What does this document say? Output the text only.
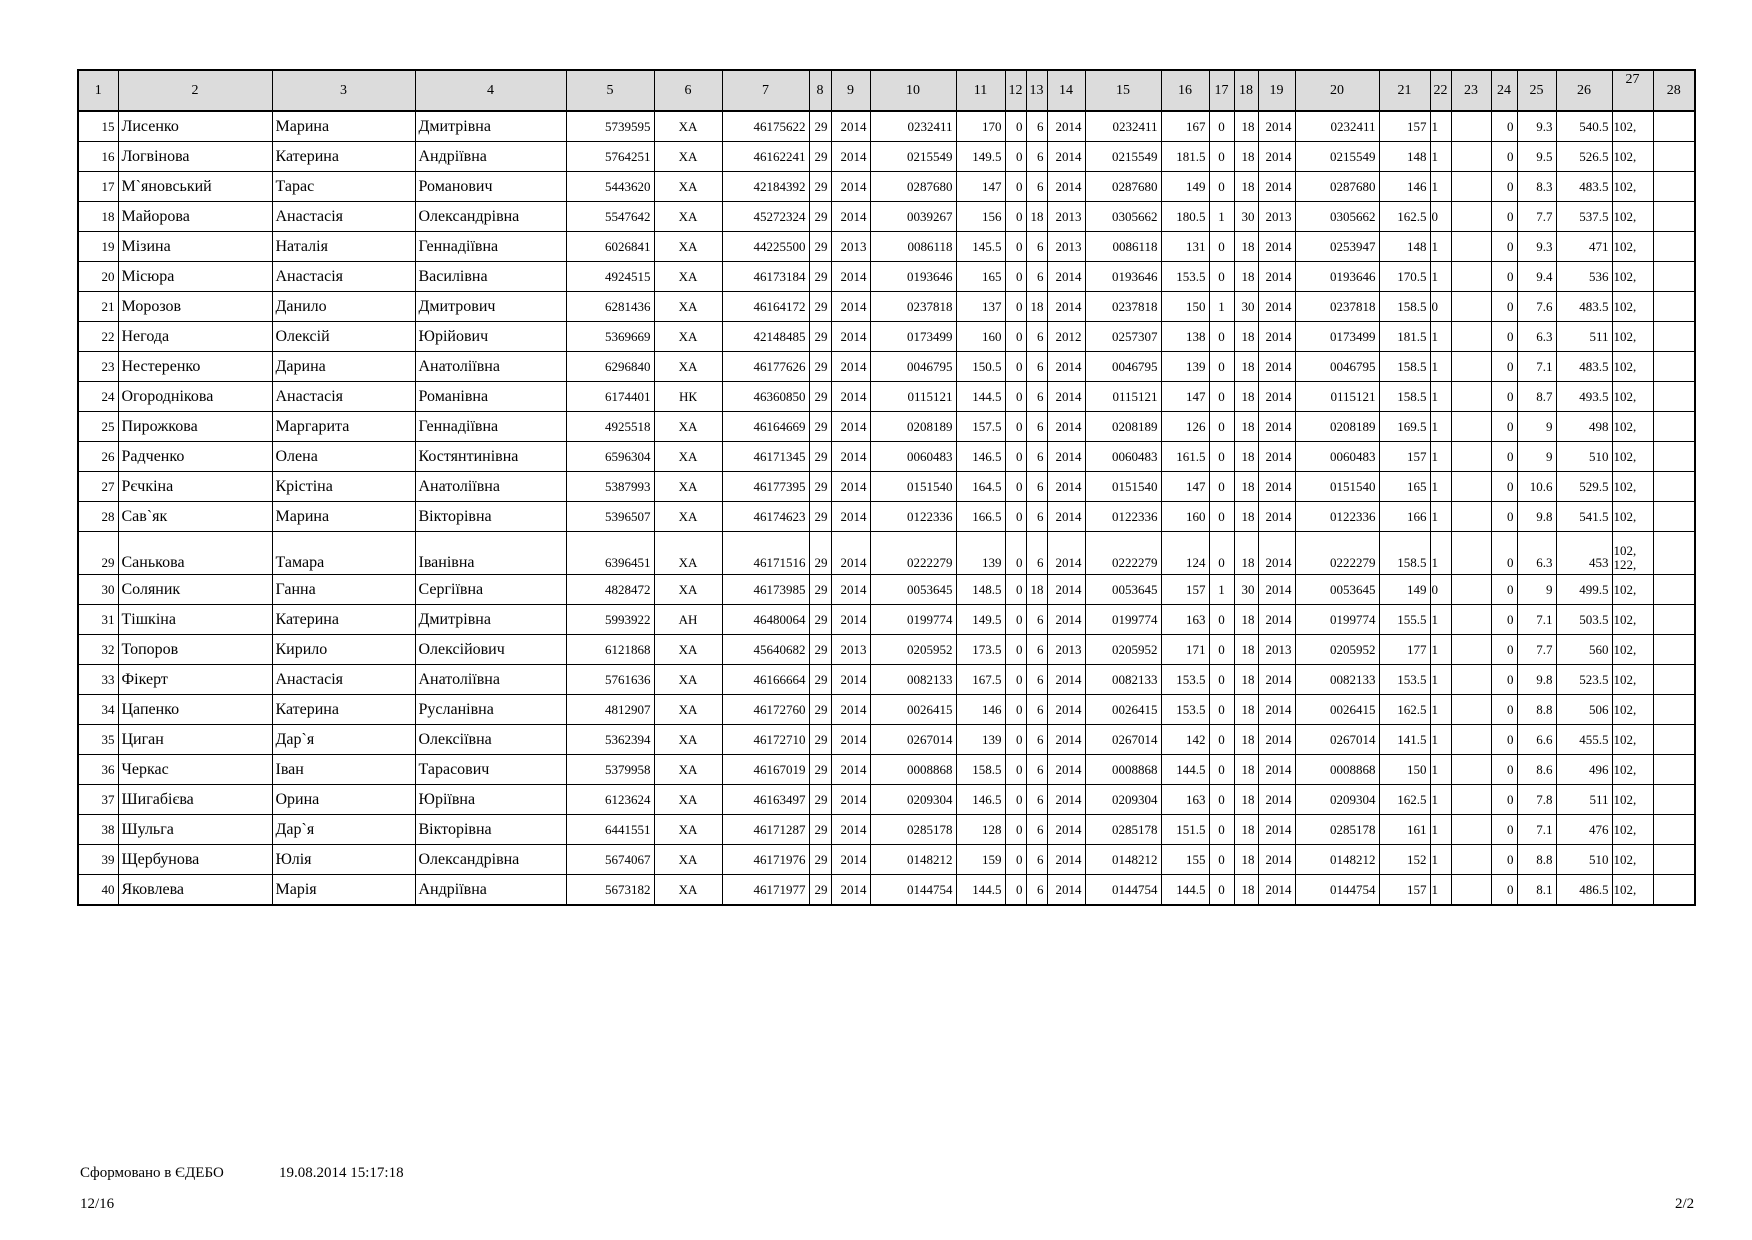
1	2	3	4	5	6	7	8	9	10	11	12	13	14	15	16	17	18	19	20	21	22	23	24	25	26	27	28
15	Лисенко	Марина	Дмитрівна	5739595	ХА	46175622	29	2014	0232411	170	0	6	2014	0232411	167	0	18	2014	0232411	157	1		0	9.3	540.5	102,	
16	Логвінова	Катерина	Андріївна	5764251	ХА	46162241	29	2014	0215549	149.5	0	6	2014	0215549	181.5	0	18	2014	0215549	148	1		0	9.5	526.5	102,	
17	М`яновський	Тарас	Романович	5443620	ХА	42184392	29	2014	0287680	147	0	6	2014	0287680	149	0	18	2014	0287680	146	1		0	8.3	483.5	102,	
18	Майорова	Анастасія	Олександрівна	5547642	ХА	45272324	29	2014	0039267	156	0	18	2013	0305662	180.5	1	30	2013	0305662	162.5	0		0	7.7	537.5	102,	
19	Мізина	Наталія	Геннадіївна	6026841	ХА	44225500	29	2013	0086118	145.5	0	6	2013	0086118	131	0	18	2014	0253947	148	1		0	9.3	471	102,	
20	Місюра	Анастасія	Василівна	4924515	ХА	46173184	29	2014	0193646	165	0	6	2014	0193646	153.5	0	18	2014	0193646	170.5	1		0	9.4	536	102,	
21	Морозов	Данило	Дмитрович	6281436	ХА	46164172	29	2014	0237818	137	0	18	2014	0237818	150	1	30	2014	0237818	158.5	0		0	7.6	483.5	102,	
22	Негода	Олексій	Юрійович	5369669	ХА	42148485	29	2014	0173499	160	0	6	2012	0257307	138	0	18	2014	0173499	181.5	1		0	6.3	511	102,	
23	Нестеренко	Дарина	Анатоліївна	6296840	ХА	46177626	29	2014	0046795	150.5	0	6	2014	0046795	139	0	18	2014	0046795	158.5	1		0	7.1	483.5	102,	
24	Огороднікова	Анастасія	Романівна	6174401	НК	46360850	29	2014	0115121	144.5	0	6	2014	0115121	147	0	18	2014	0115121	158.5	1		0	8.7	493.5	102,	
25	Пирожкова	Маргарита	Геннадіївна	4925518	ХА	46164669	29	2014	0208189	157.5	0	6	2014	0208189	126	0	18	2014	0208189	169.5	1		0	9	498	102,	
26	Радченко	Олена	Костянтинівна	6596304	ХА	46171345	29	2014	0060483	146.5	0	6	2014	0060483	161.5	0	18	2014	0060483	157	1		0	9	510	102,	
27	Рєчкіна	Крістіна	Анатоліївна	5387993	ХА	46177395	29	2014	0151540	164.5	0	6	2014	0151540	147	0	18	2014	0151540	165	1		0	10.6	529.5	102,	
28	Сав`як	Марина	Вікторівна	5396507	ХА	46174623	29	2014	0122336	166.5	0	6	2014	0122336	160	0	18	2014	0122336	166	1		0	9.8	541.5	102,	
29	Санькова	Тамара	Іванівна	6396451	ХА	46171516	29	2014	0222279	139	0	6	2014	0222279	124	0	18	2014	0222279	158.5	1		0	6.3	453	102, 122,	
30	Соляник	Ганна	Сергіївна	4828472	ХА	46173985	29	2014	0053645	148.5	0	18	2014	0053645	157	1	30	2014	0053645	149	0		0	9	499.5	102,	
31	Тішкіна	Катерина	Дмитрівна	5993922	АН	46480064	29	2014	0199774	149.5	0	6	2014	0199774	163	0	18	2014	0199774	155.5	1		0	7.1	503.5	102,	
32	Топоров	Кирило	Олексійович	6121868	ХА	45640682	29	2013	0205952	173.5	0	6	2013	0205952	171	0	18	2013	0205952	177	1		0	7.7	560	102,	
33	Фікерт	Анастасія	Анатоліївна	5761636	ХА	46166664	29	2014	0082133	167.5	0	6	2014	0082133	153.5	0	18	2014	0082133	153.5	1		0	9.8	523.5	102,	
34	Цапенко	Катерина	Русланівна	4812907	ХА	46172760	29	2014	0026415	146	0	6	2014	0026415	153.5	0	18	2014	0026415	162.5	1		0	8.8	506	102,	
35	Циган	Дар`я	Олексіївна	5362394	ХА	46172710	29	2014	0267014	139	0	6	2014	0267014	142	0	18	2014	0267014	141.5	1		0	6.6	455.5	102,	
36	Черкас	Іван	Тарасович	5379958	ХА	46167019	29	2014	0008868	158.5	0	6	2014	0008868	144.5	0	18	2014	0008868	150	1		0	8.6	496	102,	
37	Шигабієва	Орина	Юріївна	6123624	ХА	46163497	29	2014	0209304	146.5	0	6	2014	0209304	163	0	18	2014	0209304	162.5	1		0	7.8	511	102,	
38	Шульга	Дар`я	Вікторівна	6441551	ХА	46171287	29	2014	0285178	128	0	6	2014	0285178	151.5	0	18	2014	0285178	161	1		0	7.1	476	102,	
39	Щербунова	Юлія	Олександрівна	5674067	ХА	46171976	29	2014	0148212	159	0	6	2014	0148212	155	0	18	2014	0148212	152	1		0	8.8	510	102,	
40	Яковлева	Марія	Андріївна	5673182	ХА	46171977	29	2014	0144754	144.5	0	6	2014	0144754	144.5	0	18	2014	0144754	157	1		0	8.1	486.5	102,	
Сформовано в ЄДЕБО	19.08.2014 15:17:18
12/16	2/2
